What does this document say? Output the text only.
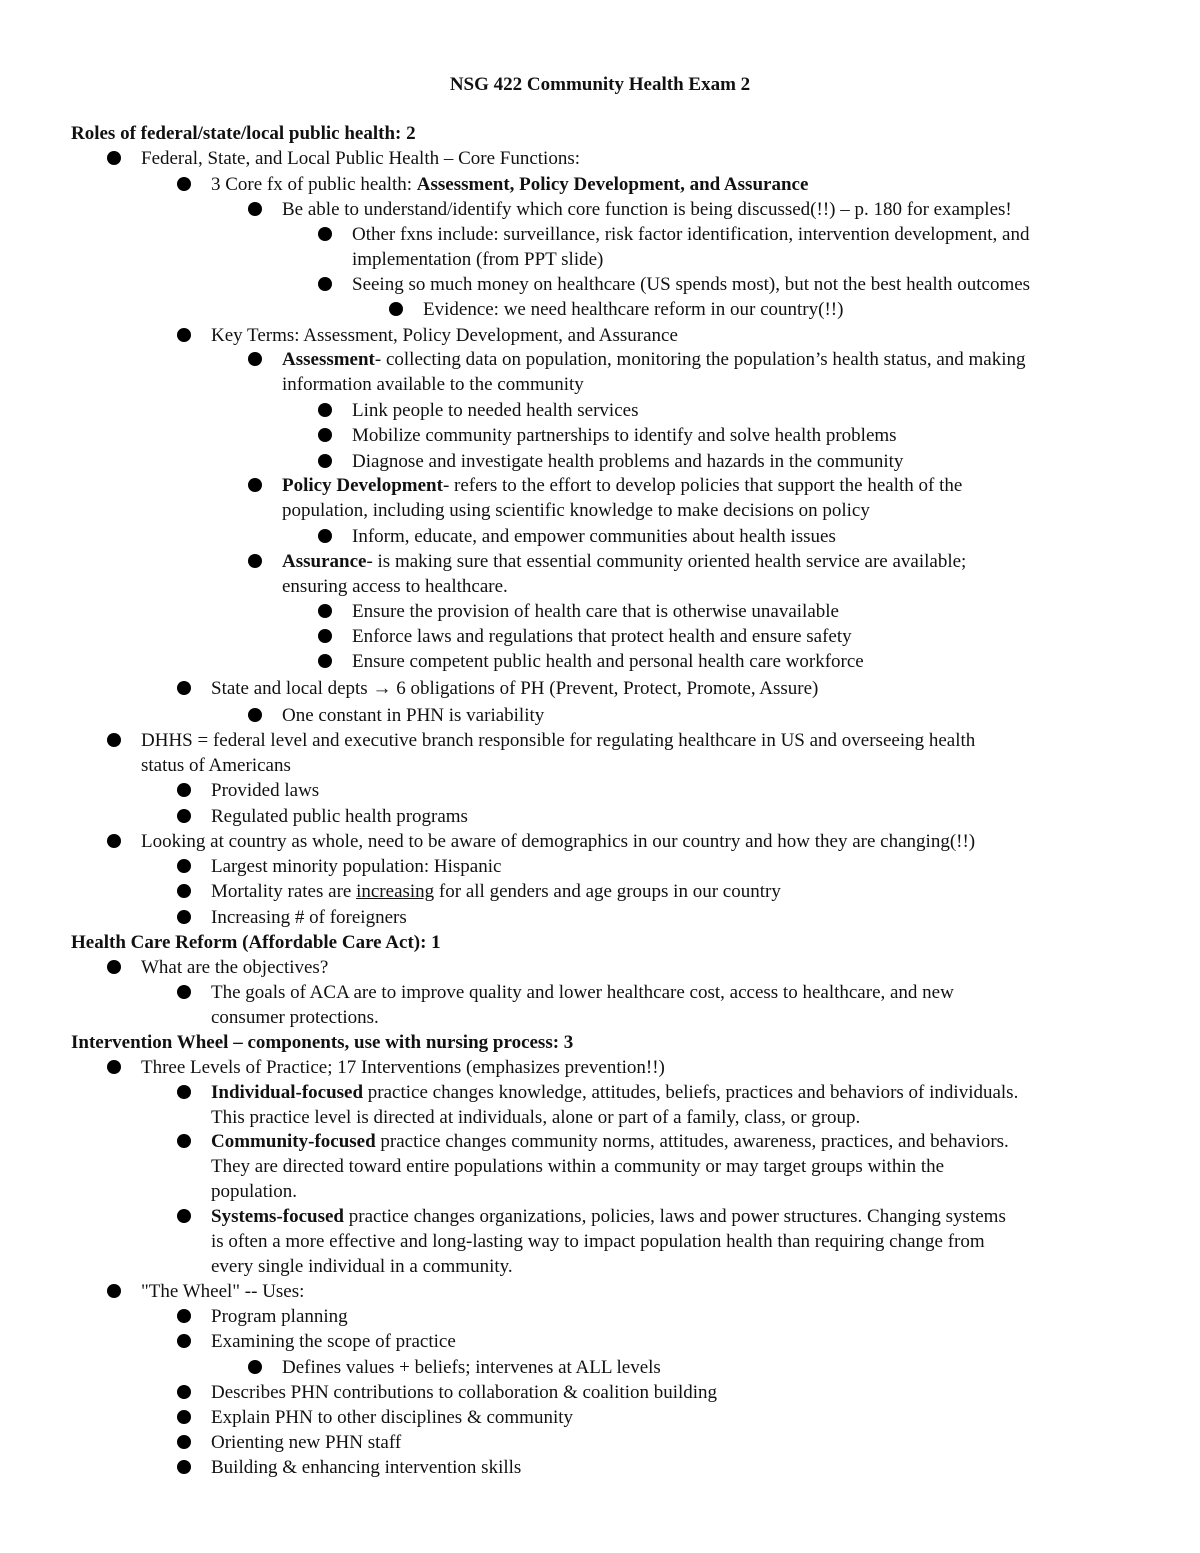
NSG 422 Community Health Exam 2
Roles of federal/state/local public health: 2
Federal, State, and Local Public Health – Core Functions:
3 Core fx of public health: Assessment, Policy Development, and Assurance
Be able to understand/identify which core function is being discussed(!!) – p. 180 for examples!
Other fxns include: surveillance, risk factor identification, intervention development, and
implementation (from PPT slide)
Seeing so much money on healthcare (US spends most), but not the best health outcomes
Evidence: we need healthcare reform in our country(!!)
Key Terms: Assessment, Policy Development, and Assurance
Assessment- collecting data on population, monitoring the population’s health status, and making
information available to the community
Link people to needed health services
Mobilize community partnerships to identify and solve health problems
Diagnose and investigate health problems and hazards in the community
Policy Development- refers to the effort to develop policies that support the health of the
population, including using scientific knowledge to make decisions on policy
Inform, educate, and empower communities about health issues
Assurance- is making sure that essential community oriented health service are available;
ensuring access to healthcare.
Ensure the provision of health care that is otherwise unavailable
Enforce laws and regulations that protect health and ensure safety
Ensure competent public health and personal health care workforce
State and local depts → 6 obligations of PH (Prevent, Protect, Promote, Assure)
One constant in PHN is variability
DHHS = federal level and executive branch responsible for regulating healthcare in US and overseeing health
status of Americans
Provided laws
Regulated public health programs
Looking at country as whole, need to be aware of demographics in our country and how they are changing(!!)
Largest minority population: Hispanic
Mortality rates are increasing for all genders and age groups in our country
Increasing # of foreigners
Health Care Reform (Affordable Care Act): 1
What are the objectives?
The goals of ACA are to improve quality and lower healthcare cost, access to healthcare, and new
consumer protections.
Intervention Wheel – components, use with nursing process: 3
Three Levels of Practice; 17 Interventions (emphasizes prevention!!)
Individual-focused practice changes knowledge, attitudes, beliefs, practices and behaviors of individuals.
This practice level is directed at individuals, alone or part of a family, class, or group.
Community-focused practice changes community norms, attitudes, awareness, practices, and behaviors.
They are directed toward entire populations within a community or may target groups within the
population.
Systems-focused practice changes organizations, policies, laws and power structures. Changing systems
is often a more effective and long-lasting way to impact population health than requiring change from
every single individual in a community.
"The Wheel" -- Uses:
Program planning
Examining the scope of practice
Defines values + beliefs; intervenes at ALL levels
Describes PHN contributions to collaboration & coalition building
Explain PHN to other disciplines & community
Orienting new PHN staff
Building & enhancing intervention skills
